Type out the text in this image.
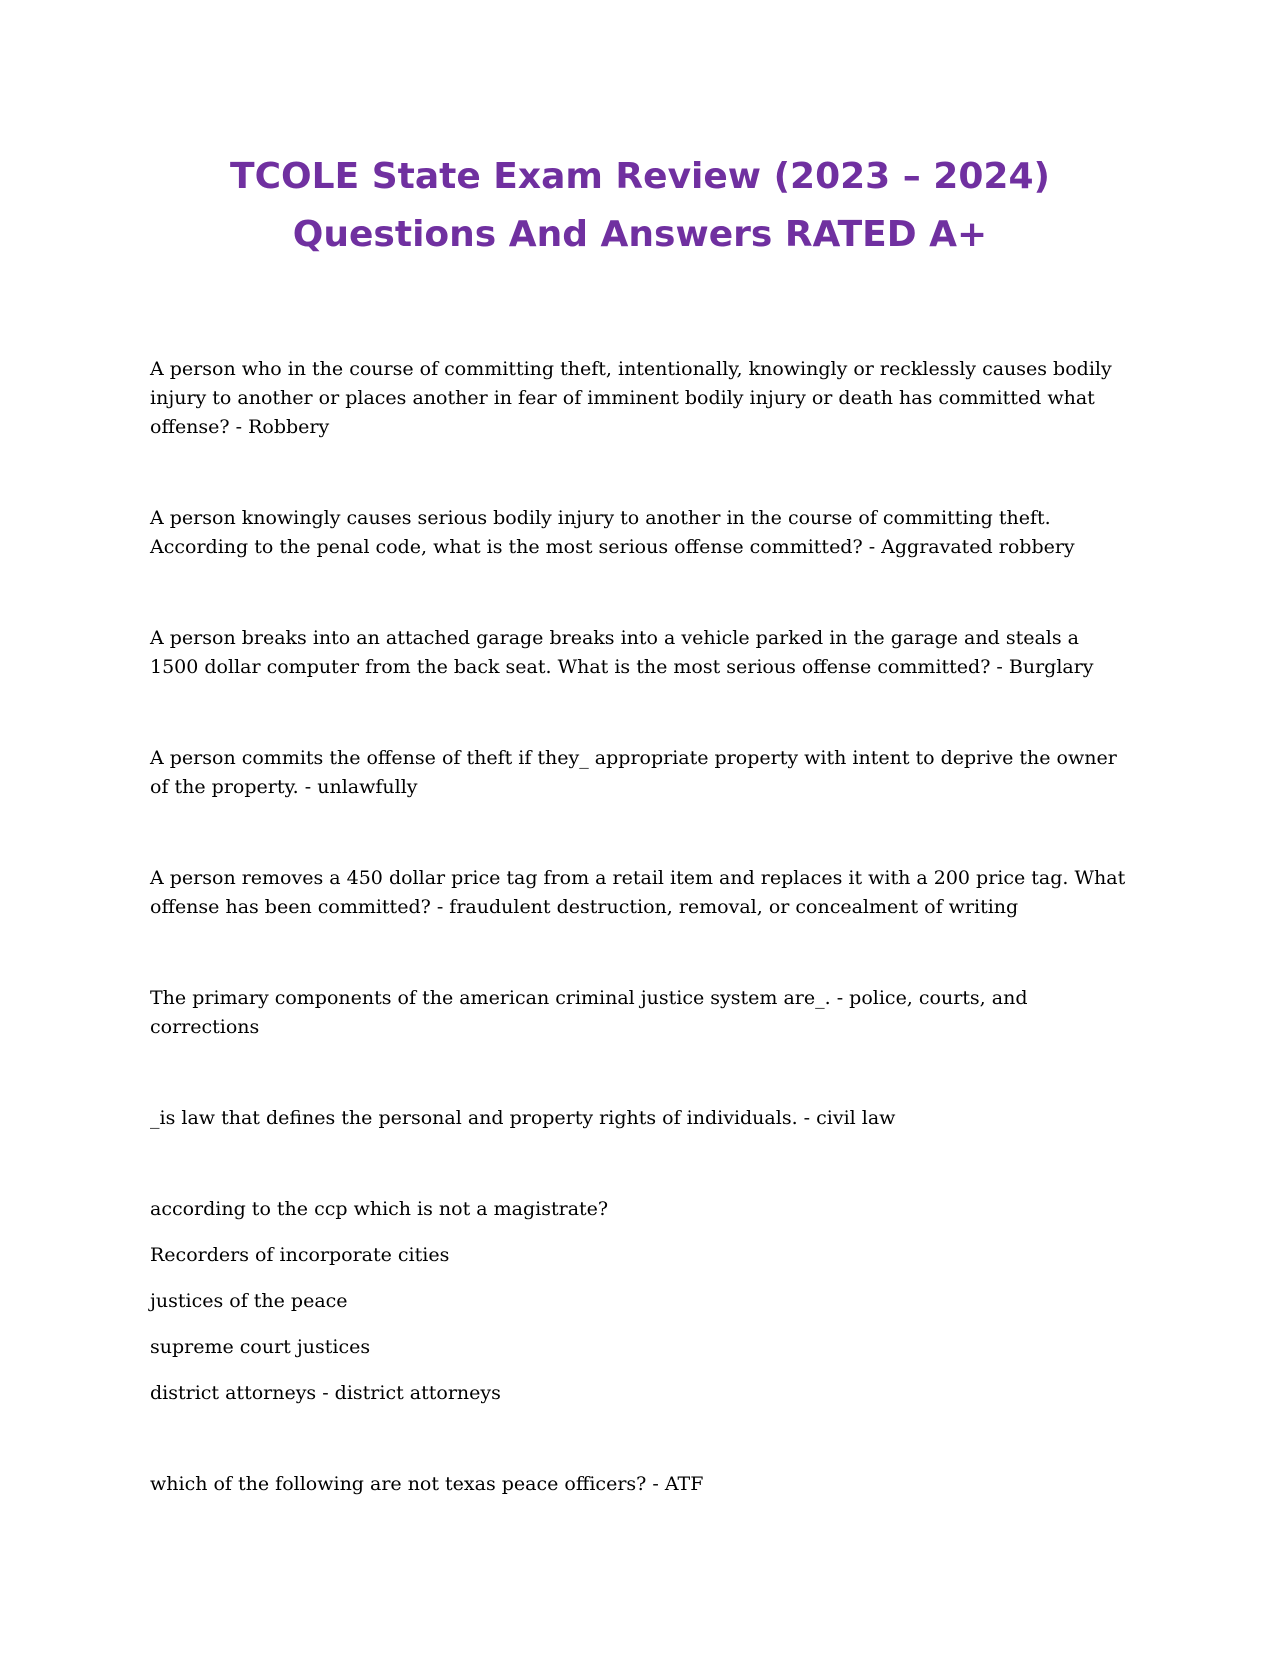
TCOLE State Exam Review (2023 – 2024)
Questions And Answers RATED A+

A person who in the course of committing theft, intentionally, knowingly or recklessly causes bodily injury to another or places another in fear of imminent bodily injury or death has committed what offense? - Robbery

A person knowingly causes serious bodily injury to another in the course of committing theft. According to the penal code, what is the most serious offense committed? - Aggravated robbery

A person breaks into an attached garage breaks into a vehicle parked in the garage and steals a 1500 dollar computer from the back seat. What is the most serious offense committed? - Burglary

A person commits the offense of theft if they_ appropriate property with intent to deprive the owner of the property. - unlawfully

A person removes a 450 dollar price tag from a retail item and replaces it with a 200 price tag. What offense has been committed? - fraudulent destruction, removal, or concealment of writing

The primary components of the american criminal justice system are_. - police, courts, and corrections

_is law that defines the personal and property rights of individuals. - civil law

according to the ccp which is not a magistrate?

Recorders of incorporate cities

justices of the peace

supreme court justices

district attorneys - district attorneys

which of the following are not texas peace officers? - ATF
